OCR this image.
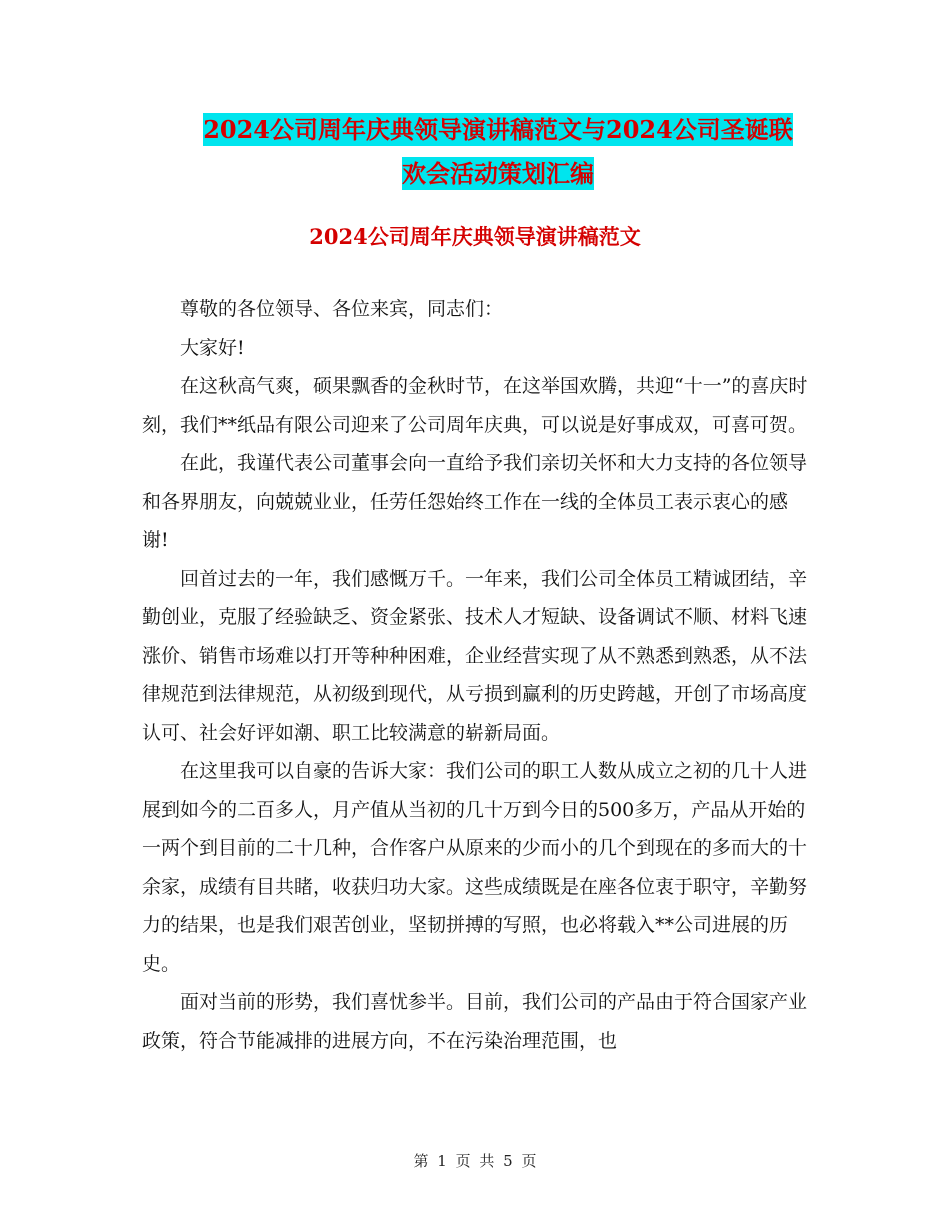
2024公司周年庆典领导演讲稿范文与2024公司圣诞联
欢会活动策划汇编
2024公司周年庆典领导演讲稿范文

尊敬的各位领导、各位来宾，同志们：

大家好!

在这秋高气爽，硕果飘香的金秋时节，在这举国欢腾，共迎“十一”的喜庆时刻，我们**纸品有限公司迎来了公司周年庆典，可以说是好事成双，可喜可贺。

在此，我谨代表公司董事会向一直给予我们亲切关怀和大力支持的各位领导和各界朋友，向兢兢业业，任劳任怨始终工作在一线的全体员工表示衷心的感谢!

回首过去的一年，我们感慨万千。一年来，我们公司全体员工精诚团结，辛勤创业，克服了经验缺乏、资金紧张、技术人才短缺、设备调试不顺、材料飞速涨价、销售市场难以打开等种种困难，企业经营实现了从不熟悉到熟悉，从不法律规范到法律规范，从初级到现代，从亏损到赢利的历史跨越，开创了市场高度认可、社会好评如潮、职工比较满意的崭新局面。

在这里我可以自豪的告诉大家：我们公司的职工人数从成立之初的几十人进展到如今的二百多人，月产值从当初的几十万到今日的500多万，产品从开始的一两个到目前的二十几种，合作客户从原来的少而小的几个到现在的多而大的十余家，成绩有目共睹，收获归功大家。这些成绩既是在座各位衷于职守，辛勤努力的结果，也是我们艰苦创业，坚韧拼搏的写照，也必将载入**公司进展的历史。

面对当前的形势，我们喜忧参半。目前，我们公司的产品由于符合国家产业政策，符合节能减排的进展方向，不在污染治理范围，也

第 1 页 共 5 页
